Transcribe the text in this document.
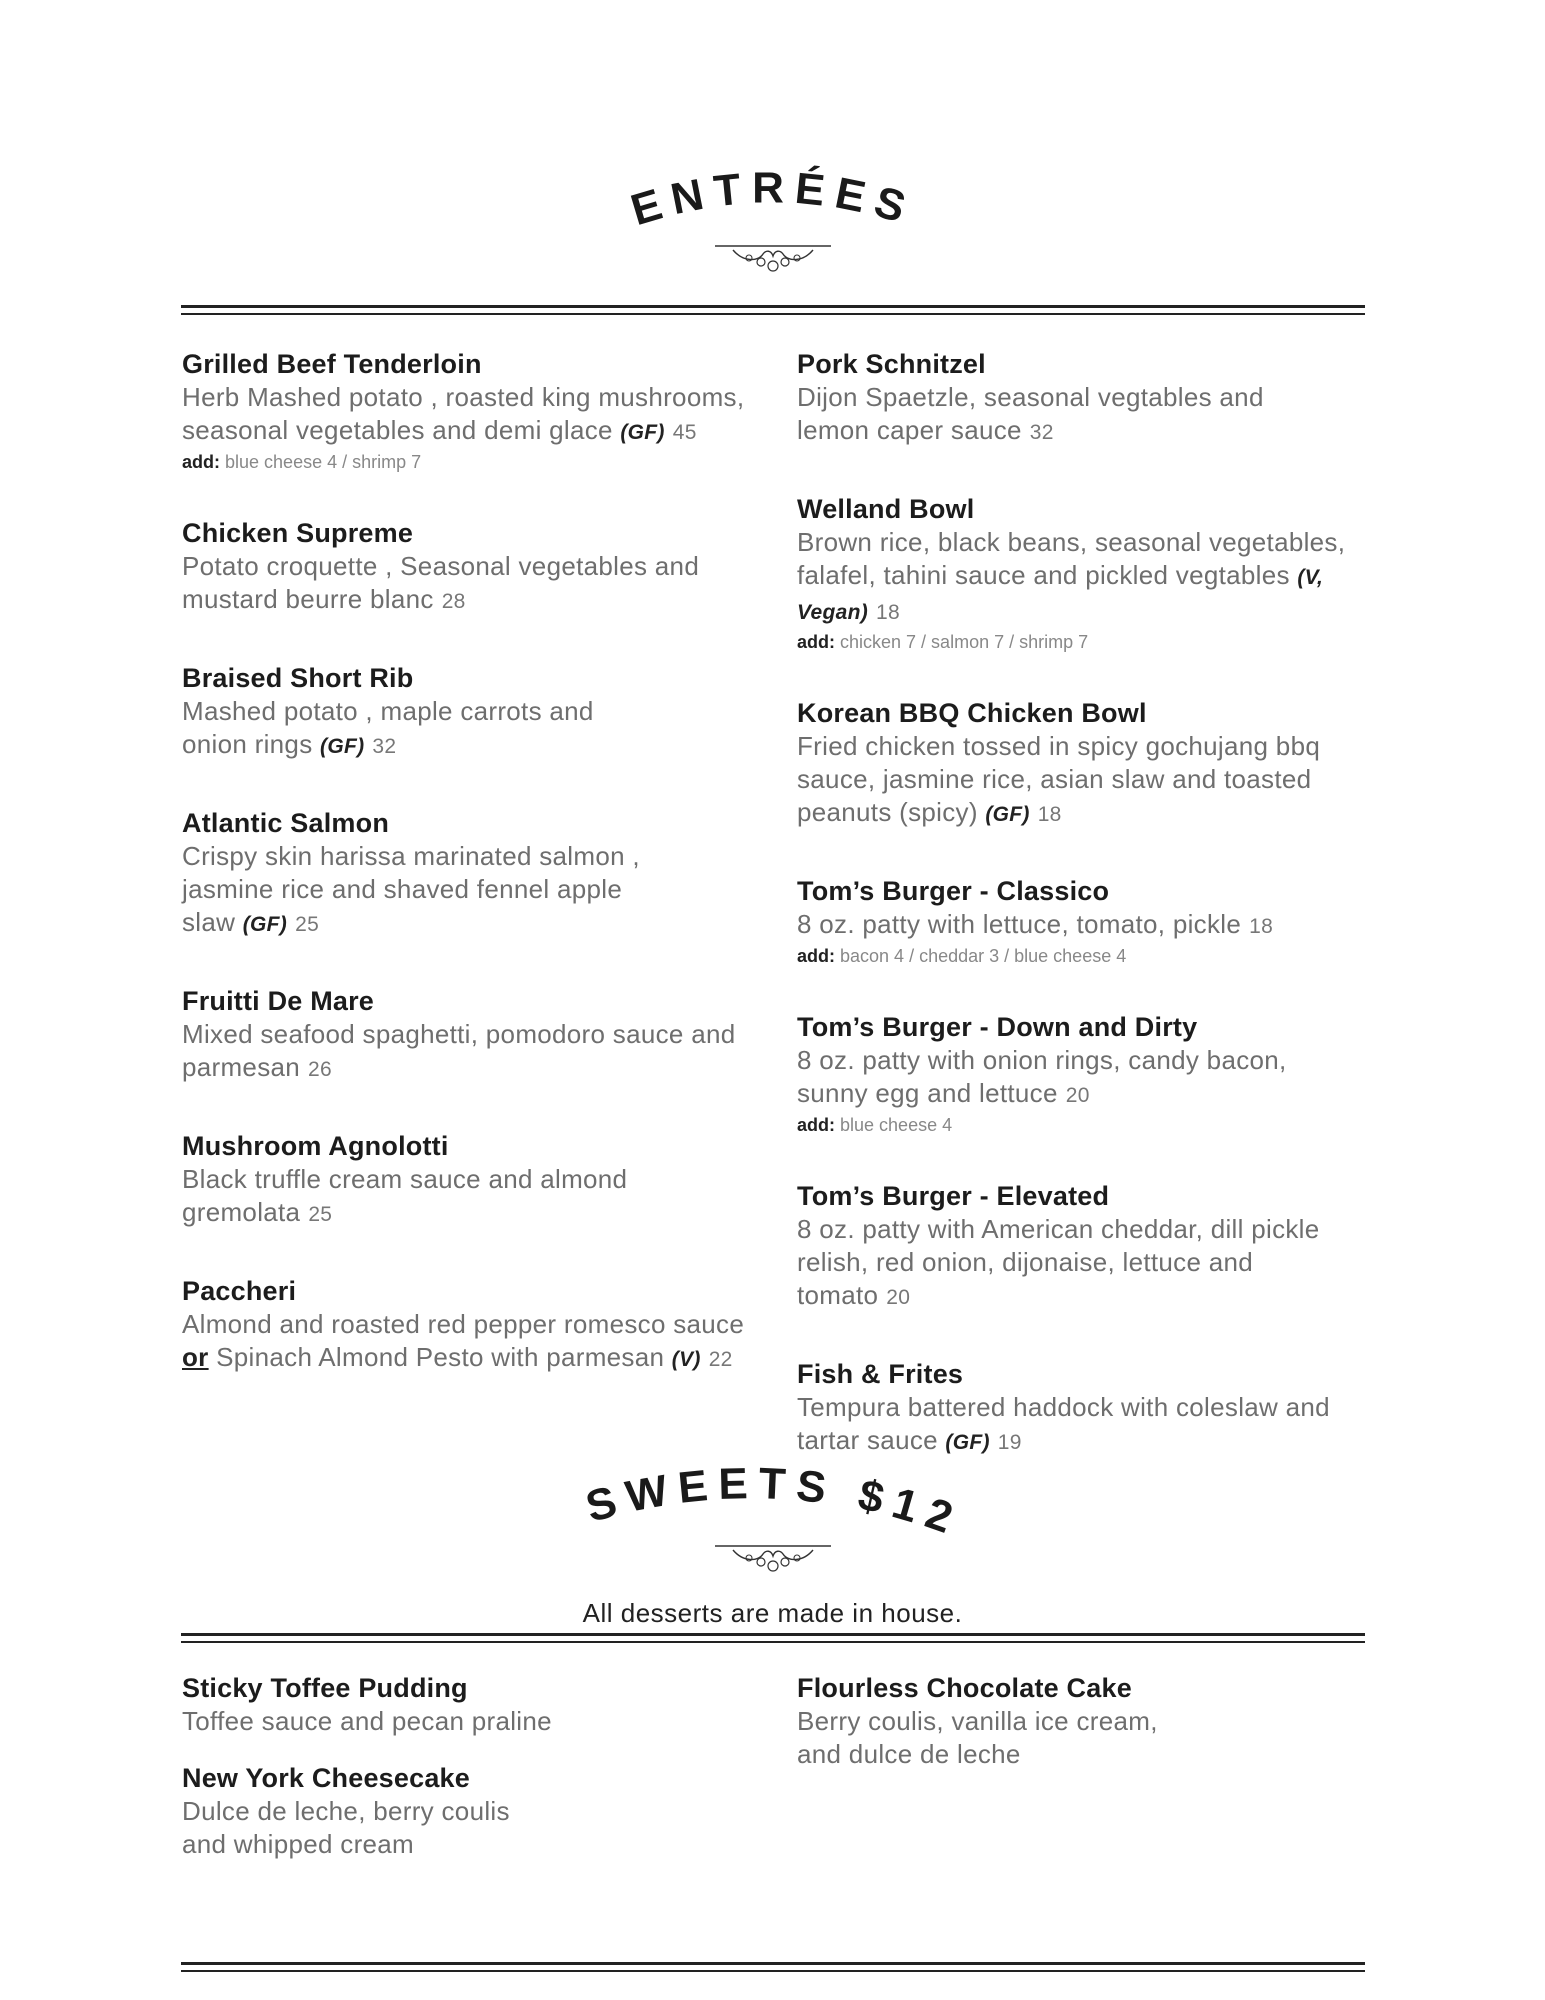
ENTRÉES
Grilled Beef Tenderloin
Herb Mashed potato , roasted king mushrooms, seasonal vegetables and demi glace (GF) 45
add: blue cheese 4 / shrimp 7
Chicken Supreme
Potato croquette , Seasonal vegetables and mustard beurre blanc 28
Braised Short Rib
Mashed potato , maple carrots and onion rings (GF) 32
Atlantic Salmon
Crispy skin harissa marinated salmon , jasmine rice and shaved fennel apple slaw (GF) 25
Fruitti De Mare
Mixed seafood spaghetti, pomodoro sauce and parmesan 26
Mushroom Agnolotti
Black truffle cream sauce and almond gremolata 25
Paccheri
Almond and roasted red pepper romesco sauce or Spinach Almond Pesto with parmesan (V) 22
Pork Schnitzel
Dijon Spaetzle, seasonal vegtables and lemon caper sauce 32
Welland Bowl
Brown rice, black beans, seasonal vegetables, falafel, tahini sauce and pickled vegtables (V, Vegan) 18
add: chicken 7 / salmon 7 / shrimp 7
Korean BBQ Chicken Bowl
Fried chicken tossed in spicy gochujang bbq sauce, jasmine rice, asian slaw and toasted peanuts (spicy) (GF) 18
Tom’s Burger - Classico
8 oz. patty with lettuce, tomato, pickle 18
add: bacon 4 / cheddar 3 / blue cheese 4
Tom’s Burger - Down and Dirty
8 oz. patty with onion rings, candy bacon, sunny egg and lettuce 20
add: blue cheese 4
Tom’s Burger - Elevated
8 oz. patty with American cheddar, dill pickle relish, red onion, dijonaise, lettuce and tomato 20
Fish & Frites
Tempura battered haddock with coleslaw and tartar sauce (GF) 19
SWEETS $12
All desserts are made in house.
Sticky Toffee Pudding
Toffee sauce and pecan praline
New York Cheesecake
Dulce de leche, berry coulis
and whipped cream
Flourless Chocolate Cake
Berry coulis, vanilla ice cream,
and dulce de leche
